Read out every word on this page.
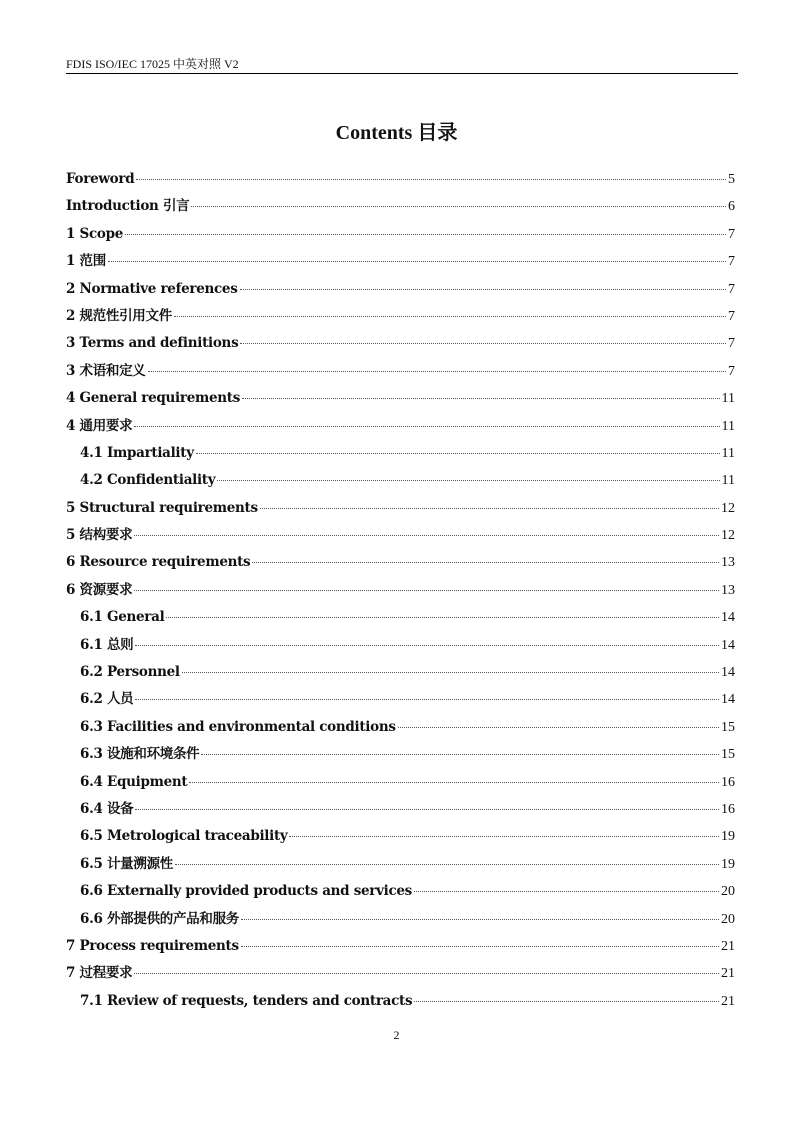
FDIS ISO/IEC 17025 中英对照 V2
Contents 目录
Foreword	5
Introduction 引言	6
1 Scope	7
1 范围	7
2 Normative references	7
2 规范性引用文件	7
3 Terms and definitions	7
3 术语和定义	7
4 General requirements	11
4 通用要求	11
4.1 Impartiality	11
4.2 Confidentiality	11
5 Structural requirements	12
5 结构要求	12
6 Resource requirements	13
6 资源要求	13
6.1 General	14
6.1 总则	14
6.2 Personnel	14
6.2 人员	14
6.3 Facilities and environmental conditions	15
6.3 设施和环境条件	15
6.4 Equipment	16
6.4 设备	16
6.5 Metrological traceability	19
6.5 计量溯源性	19
6.6 Externally provided products and services	20
6.6 外部提供的产品和服务	20
7 Process requirements	21
7 过程要求	21
7.1 Review of requests, tenders and contracts	21
2
